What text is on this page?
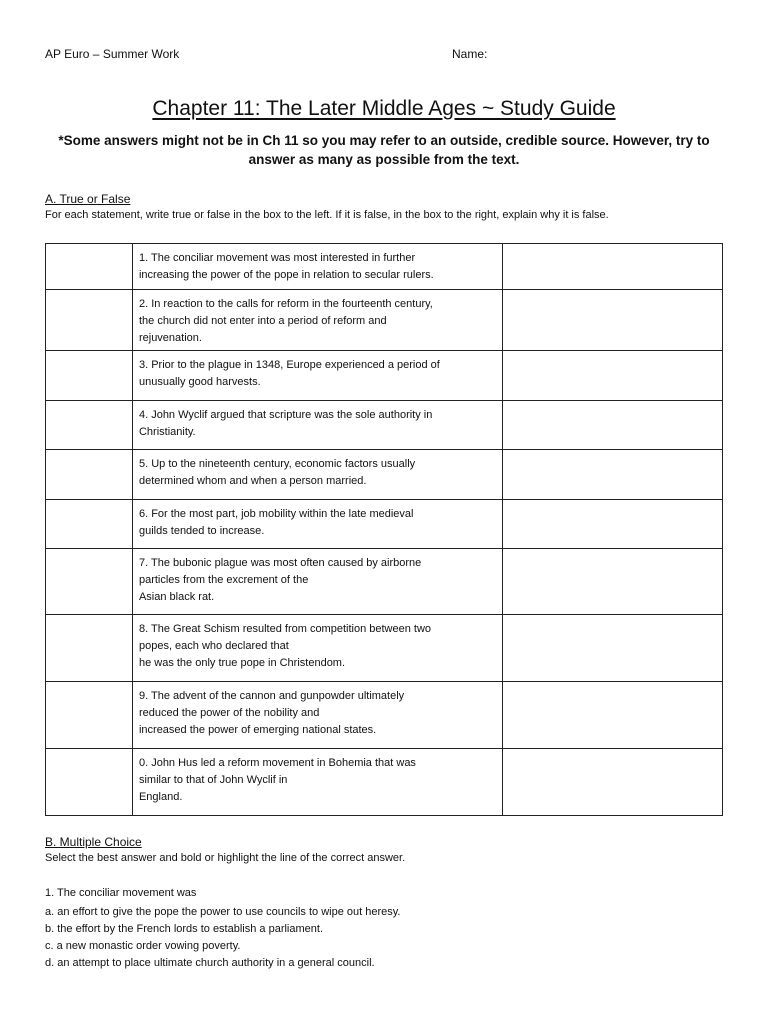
AP Euro – Summer Work	Name:
Chapter 11: The Later Middle Ages ~ Study Guide
*Some answers might not be in Ch 11 so you may refer to an outside, credible source. However, try to answer as many as possible from the text.
A. True or False
For each statement, write true or false in the box to the left. If it is false, in the box to the right, explain why it is false.

	1. The conciliar movement was most interested in further
increasing the power of the pope in relation to secular rulers.	

	2. In reaction to the calls for reform in the fourteenth century,
the church did not enter into a period of reform and
rejuvenation.	

	3. Prior to the plague in 1348, Europe experienced a period of
unusually good harvests.	

	4. John Wyclif argued that scripture was the sole authority in
Christianity.	

	5. Up to the nineteenth century, economic factors usually
determined whom and when a person married.	

	6. For the most part, job mobility within the late medieval
guilds tended to increase.	

	7. The bubonic plague was most often caused by airborne
particles from the excrement of the
Asian black rat.	

	8. The Great Schism resulted from competition between two
popes, each who declared that
he was the only true pope in Christendom.	

	9. The advent of the cannon and gunpowder ultimately
reduced the power of the nobility and
increased the power of emerging national states.	

	0. John Hus led a reform movement in Bohemia that was
similar to that of John Wyclif in
England.	

B. Multiple Choice
Select the best answer and bold or highlight the line of the correct answer.
1. The conciliar movement was
a. an effort to give the pope the power to use councils to wipe out heresy.
b. the effort by the French lords to establish a parliament.
c. a new monastic order vowing poverty.
d. an attempt to place ultimate church authority in a general council.
